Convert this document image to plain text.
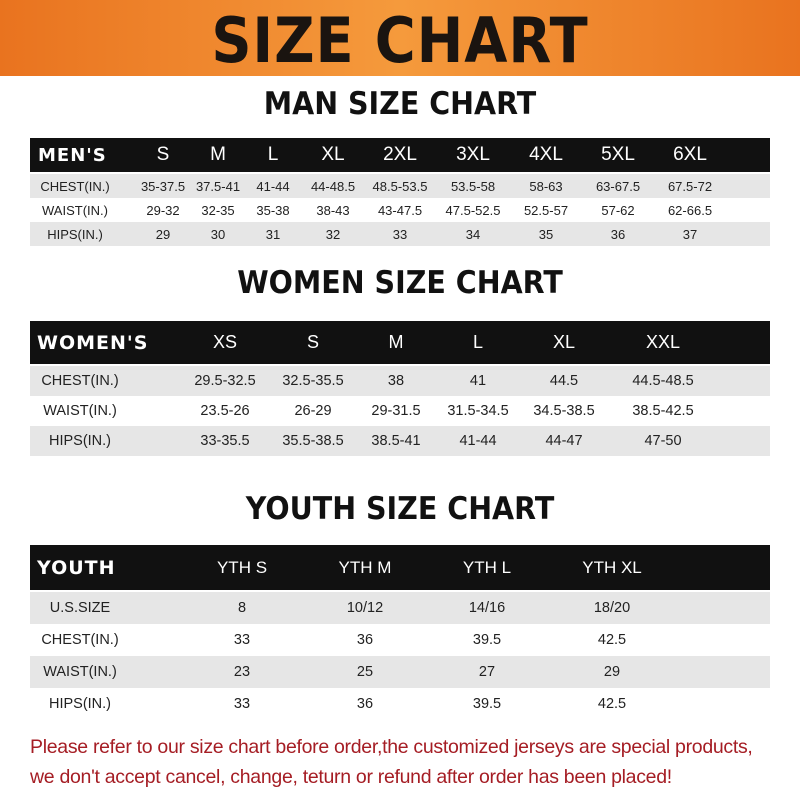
SIZE CHART
MAN SIZE CHART
MEN'S	S M L XL 2XL 3XL 4XL 5XL 6XL
CHEST(IN.) 35-37.5 37.5-41 41-44 44-48.5 48.5-53.5 53.5-58	58-63	63-67.5 67.5-72
WAIST(IN.)	29-32 32-35 35-38 38-43 43-47.5 47.5-52.5 52.5-57	57-62	62-66.5
HIPS(IN.)	29	30	31	32	33	34	35	36	37
WOMEN SIZE CHART
WOMEN'S	XS	S	M	L	XL	XXL
CHEST(IN.)	29.5-32.5 32.5-35.5	38	41	44.5	44.5-48.5
WAIST(IN.)	23.5-26	26-29	29-31.5 31.5-34.5 34.5-38.5	38.5-42.5
HIPS(IN.)	33-35.5 35.5-38.5 38.5-41	41-44	44-47	47-50
YOUTH SIZE CHART
YOUTH	YTH S	YTH M	YTH L	YTH XL
U.S.SIZE	8	10/12	14/16	18/20
CHEST(IN.)	33	36	39.5	42.5
WAIST(IN.)	23	25	27	29
HIPS(IN.)	33	36	39.5	42.5
Please refer to our size chart before order,the customized jerseys are special products,
we don't accept cancel, change, teturn or refund after order has been placed!
